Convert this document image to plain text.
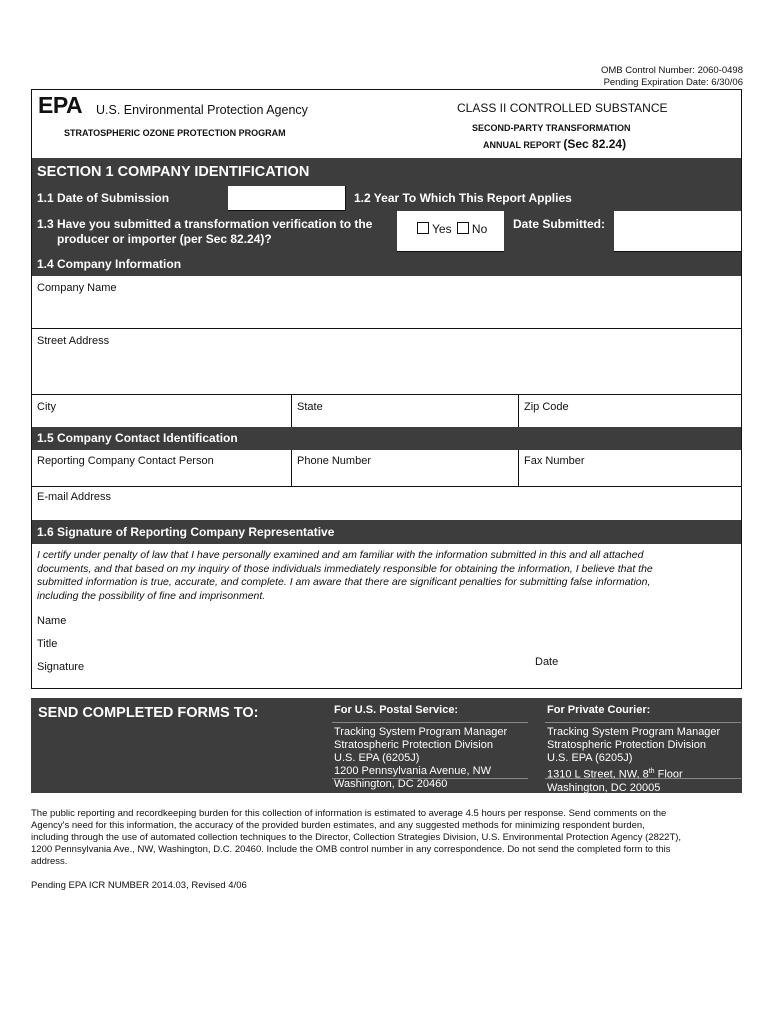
OMB Control Number: 2060-0498
Pending Expiration Date: 6/30/06
EPA U.S. Environmental Protection Agency
STRATOSPHERIC OZONE PROTECTION PROGRAM
CLASS II CONTROLLED SUBSTANCE
SECOND-PARTY TRANSFORMATION
ANNUAL REPORT (Sec 82.24)
SECTION 1 COMPANY IDENTIFICATION
1.1 Date of Submission	1.2 Year To Which This Report Applies
1.3 Have you submitted a transformation verification to the
producer or importer (per Sec 82.24)?
Yes No	Date Submitted:
1.4 Company Information
Company Name
Street Address
City	State	Zip Code
1.5 Company Contact Identification
Reporting Company Contact Person	Phone Number	Fax Number
E-mail Address
1.6 Signature of Reporting Company Representative
I certify under penalty of law that I have personally examined and am familiar with the information submitted in this and all attached
documents, and that based on my inquiry of those individuals immediately responsible for obtaining the information, I believe that the
submitted information is true, accurate, and complete. I am aware that there are significant penalties for submitting false information,
including the possibility of fine and imprisonment.
Name
Title
Signature	Date
SEND COMPLETED FORMS TO:	For U.S. Postal Service:
Tracking System Program Manager
Stratospheric Protection Division
U.S. EPA (6205J)
1200 Pennsylvania Avenue, NW
Washington, DC 20460
For Private Courier:
Tracking System Program Manager
Stratospheric Protection Division
U.S. EPA (6205J)
1310 L Street, NW, 8th Floor
Washington, DC 20005
The public reporting and recordkeeping burden for this collection of information is estimated to average 4.5 hours per response. Send comments on the
Agency's need for this information, the accuracy of the provided burden estimates, and any suggested methods for minimizing respondent burden,
including through the use of automated collection techniques to the Director, Collection Strategies Division, U.S. Environmental Protection Agency (2822T),
1200 Pennsylvania Ave., NW, Washington, D.C. 20460. Include the OMB control number in any correspondence. Do not send the completed form to this
address.
Pending EPA ICR NUMBER 2014.03, Revised 4/06
